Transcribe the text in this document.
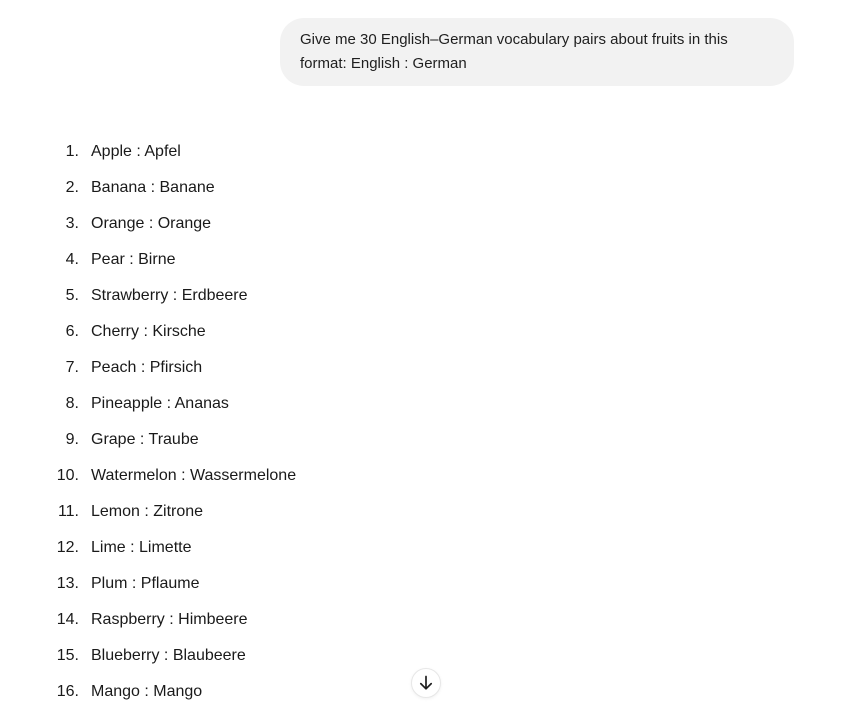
Give me 30 English–German vocabulary pairs about fruits in this
format: English : German
1. Apple : Apfel
2. Banana : Banane
3. Orange : Orange
4. Pear : Birne
5. Strawberry : Erdbeere
6. Cherry : Kirsche
7. Peach : Pfirsich
8. Pineapple : Ananas
9. Grape : Traube
10. Watermelon : Wassermelone
11. Lemon : Zitrone
12. Lime : Limette
13. Plum : Pflaume
14. Raspberry : Himbeere
15. Blueberry : Blaubeere
16. Mango : Mango
